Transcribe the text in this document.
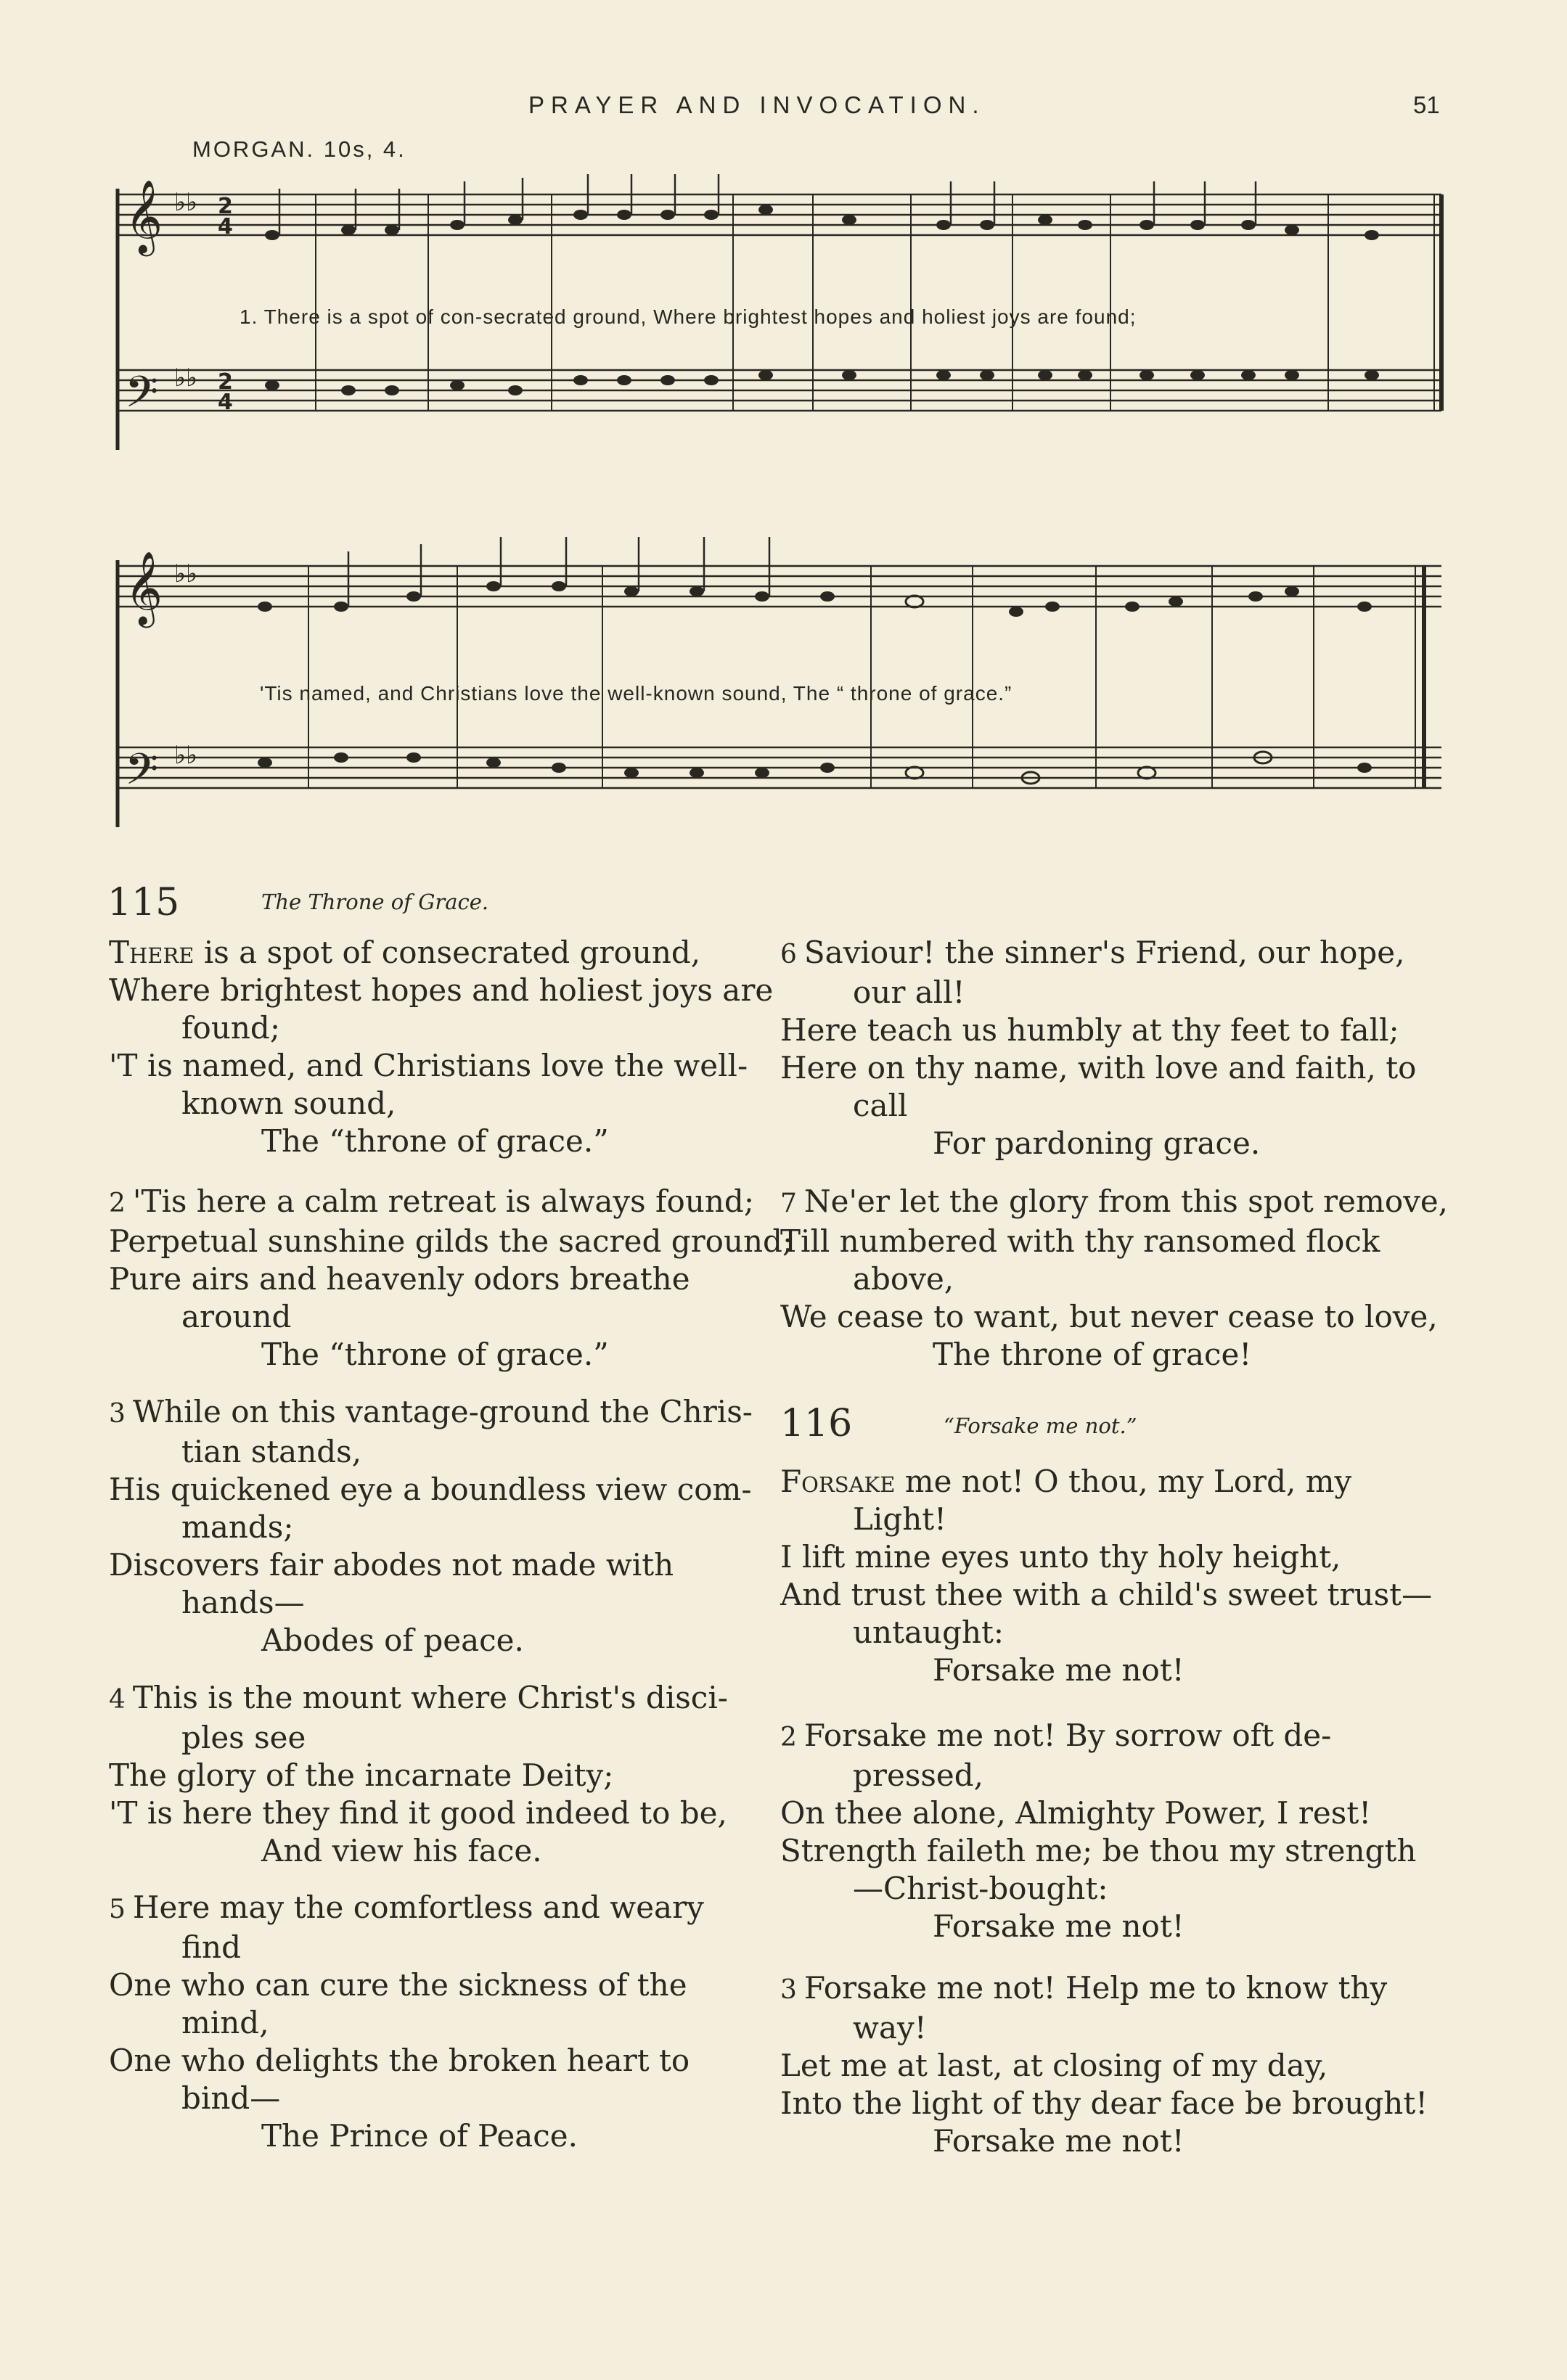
PRAYER AND INVOCATION.	51
MORGAN. 10s, 4.
𝄞
𝄢
𝄞
𝄢
♭♭
♭♭
♭♭
♭♭
2
4
2
4
1. There is a spot of con-secrated ground, Where brightest hopes and holiest joys are found;
'Tis named, and Christians love the well-known sound, The “ throne of grace.”
115	The Throne of Grace.
There is a spot of consecrated ground,
Where brightest hopes and holiest joys are
found;
'T is named, and Christians love the well-
known sound,
The “throne of grace.”
2 'Tis here a calm retreat is always found;
Perpetual sunshine gilds the sacred ground;
Pure airs and heavenly odors breathe
around
The “throne of grace.”
3 While on this vantage-ground the Chris-
tian stands,
His quickened eye a boundless view com-
mands;
Discovers fair abodes not made with
hands—
Abodes of peace.
4 This is the mount where Christ's disci-
ples see
The glory of the incarnate Deity;
'T is here they find it good indeed to be,
And view his face.
5 Here may the comfortless and weary
find
One who can cure the sickness of the
mind,
One who delights the broken heart to
bind—
The Prince of Peace.
6 Saviour! the sinner's Friend, our hope,
our all!
Here teach us humbly at thy feet to fall;
Here on thy name, with love and faith, to
call
For pardoning grace.
7 Ne'er let the glory from this spot remove,
Till numbered with thy ransomed flock
above,
We cease to want, but never cease to love,
The throne of grace!
116	“Forsake me not.”
Forsake me not! O thou, my Lord, my
Light!
I lift mine eyes unto thy holy height,
And trust thee with a child's sweet trust—
untaught:
Forsake me not!
2 Forsake me not! By sorrow oft de-
pressed,
On thee alone, Almighty Power, I rest!
Strength faileth me; be thou my strength
—Christ-bought:
Forsake me not!
3 Forsake me not! Help me to know thy
way!
Let me at last, at closing of my day,
Into the light of thy dear face be brought!
Forsake me not!
